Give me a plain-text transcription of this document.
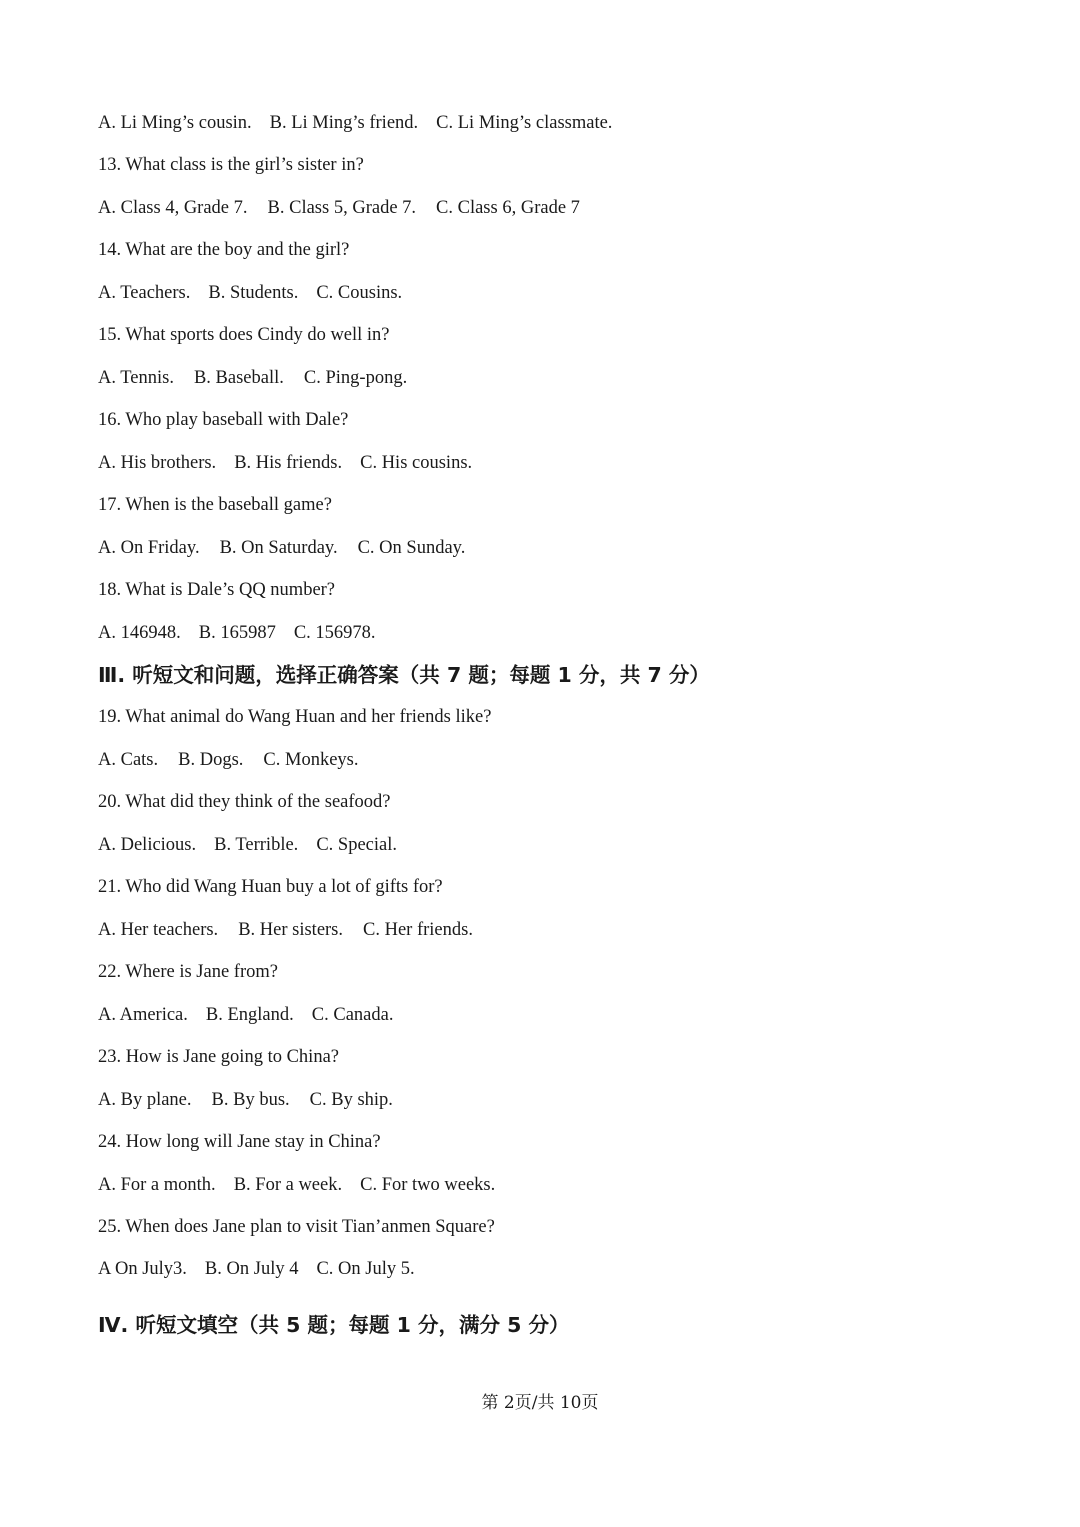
A. Li Ming’s cousin. B. Li Ming’s friend. C. Li Ming’s classmate.
13. What class is the girl’s sister in?
A. Class 4, Grade 7. B. Class 5, Grade 7. C. Class 6, Grade 7
14. What are the boy and the girl?
A. Teachers. B. Students. C. Cousins.
15. What sports does Cindy do well in?
A. Tennis. B. Baseball. C. Ping-pong.
16. Who play baseball with Dale?
A. His brothers. B. His friends. C. His cousins.
17. When is the baseball game?
A. On Friday. B. On Saturday. C. On Sunday.
18. What is Dale’s QQ number?
A. 146948. B. 165987 C. 156978.
Ⅲ. 听短文和问题，选择正确答案（共 7 题；每题 1 分，共 7 分）
19. What animal do Wang Huan and her friends like?
A. Cats. B. Dogs. C. Monkeys.
20. What did they think of the seafood?
A. Delicious. B. Terrible. C. Special.
21. Who did Wang Huan buy a lot of gifts for?
A. Her teachers. B. Her sisters. C. Her friends.
22. Where is Jane from?
A. America. B. England. C. Canada.
23. How is Jane going to China?
A. By plane. B. By bus. C. By ship.
24. How long will Jane stay in China?
A. For a month. B. For a week. C. For two weeks.
25. When does Jane plan to visit Tian’anmen Square?
A On July3. B. On July 4 C. On July 5.
Ⅳ. 听短文填空（共 5 题；每题 1 分，满分 5 分）
第 2页/共 10页
